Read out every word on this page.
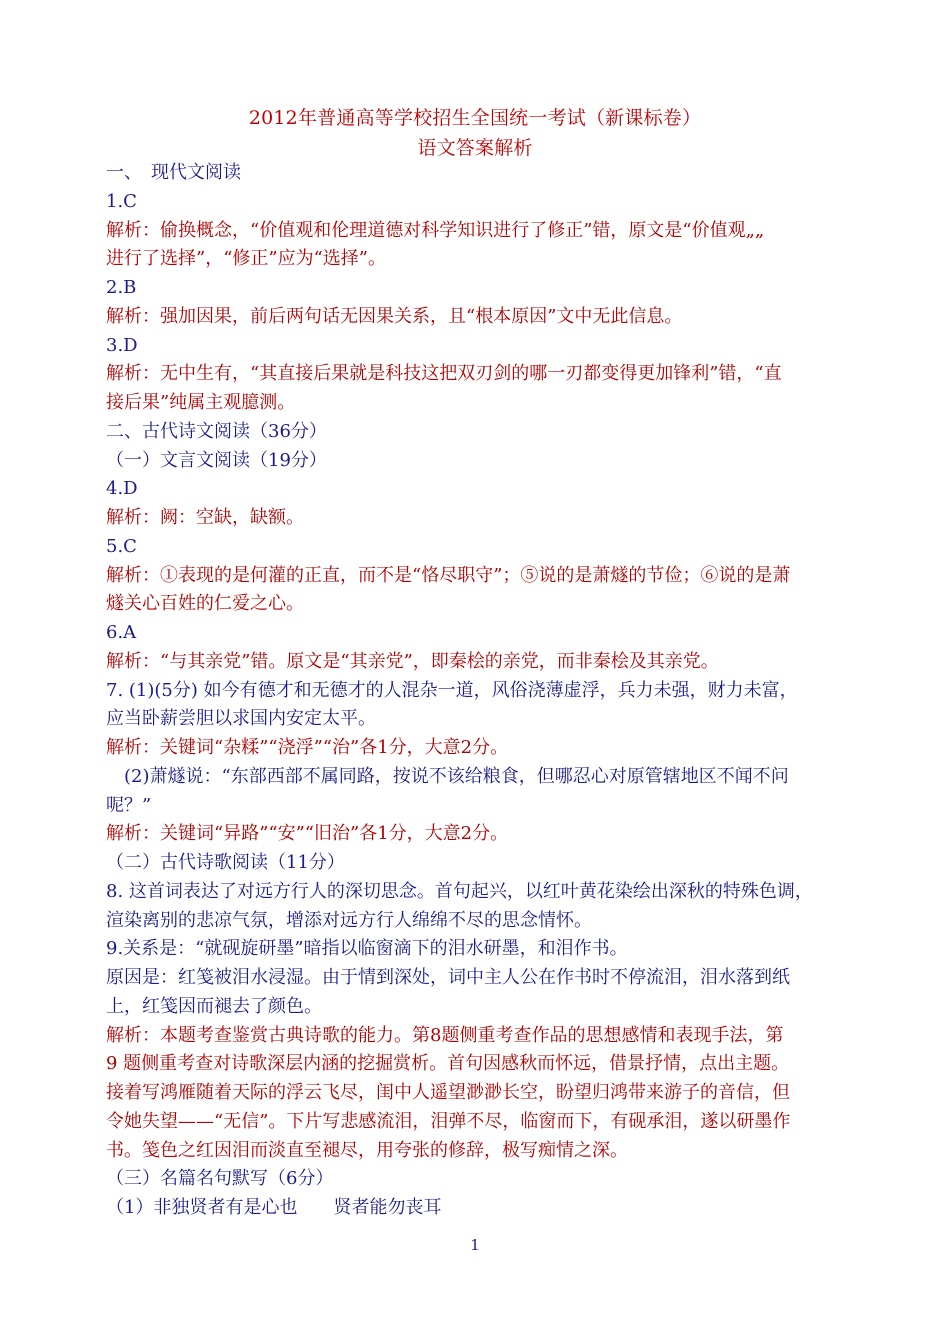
2012年普通高等学校招生全国统一考试（新课标卷）
语文答案解析
一、　现代文阅读
1.C
解析：偷换概念，“价值观和伦理道德对科学知识进行了修正”错，原文是“价值观„„
进行了选择”，“修正”应为“选择”。
2.B
解析：强加因果，前后两句话无因果关系，且“根本原因”文中无此信息。
3.D
解析：无中生有，“其直接后果就是科技这把双刃剑的哪一刃都变得更加锋利”错，“直
接后果”纯属主观臆测。
二、古代诗文阅读（36分）
（一）文言文阅读（19分）
4.D
解析：阙：空缺，缺额。
5.C
解析：①表现的是何灌的正直，而不是“恪尽职守”；⑤说的是萧燧的节俭；⑥说的是萧
燧关心百姓的仁爱之心。
6.A
解析：“与其亲党”错。原文是“其亲党”，即秦桧的亲党，而非秦桧及其亲党。
7. (1)(5分) 如今有德才和无德才的人混杂一道，风俗浇薄虚浮，兵力未强，财力未富，
应当卧薪尝胆以求国内安定太平。
解析：关键词“杂糅”“浇浮”“治”各1分，大意2分。
　(2)萧燧说：“东部西部不属同路，按说不该给粮食，但哪忍心对原管辖地区不闻不问
呢？”
解析：关键词“异路”“安”“旧治”各1分，大意2分。
（二）古代诗歌阅读（11分）
8. 这首词表达了对远方行人的深切思念。首句起兴，以红叶黄花染绘出深秋的特殊色调，
渲染离别的悲凉气氛，增添对远方行人绵绵不尽的思念情怀。
9.关系是：“就砚旋研墨”暗指以临窗滴下的泪水研墨，和泪作书。
原因是：红笺被泪水浸湿。由于情到深处，词中主人公在作书时不停流泪，泪水落到纸
上，红笺因而褪去了颜色。
解析：本题考查鉴赏古典诗歌的能力。第8题侧重考查作品的思想感情和表现手法，第
9 题侧重考查对诗歌深层内涵的挖掘赏析。首句因感秋而怀远，借景抒情，点出主题。
接着写鸿雁随着天际的浮云飞尽，闺中人遥望渺渺长空，盼望归鸿带来游子的音信，但
令她失望——“无信”。下片写悲感流泪，泪弹不尽，临窗而下，有砚承泪，遂以研墨作
书。笺色之红因泪而淡直至褪尽，用夸张的修辞，极写痴情之深。
（三）名篇名句默写（6分）
（1）非独贤者有是心也　　贤者能勿丧耳
1
